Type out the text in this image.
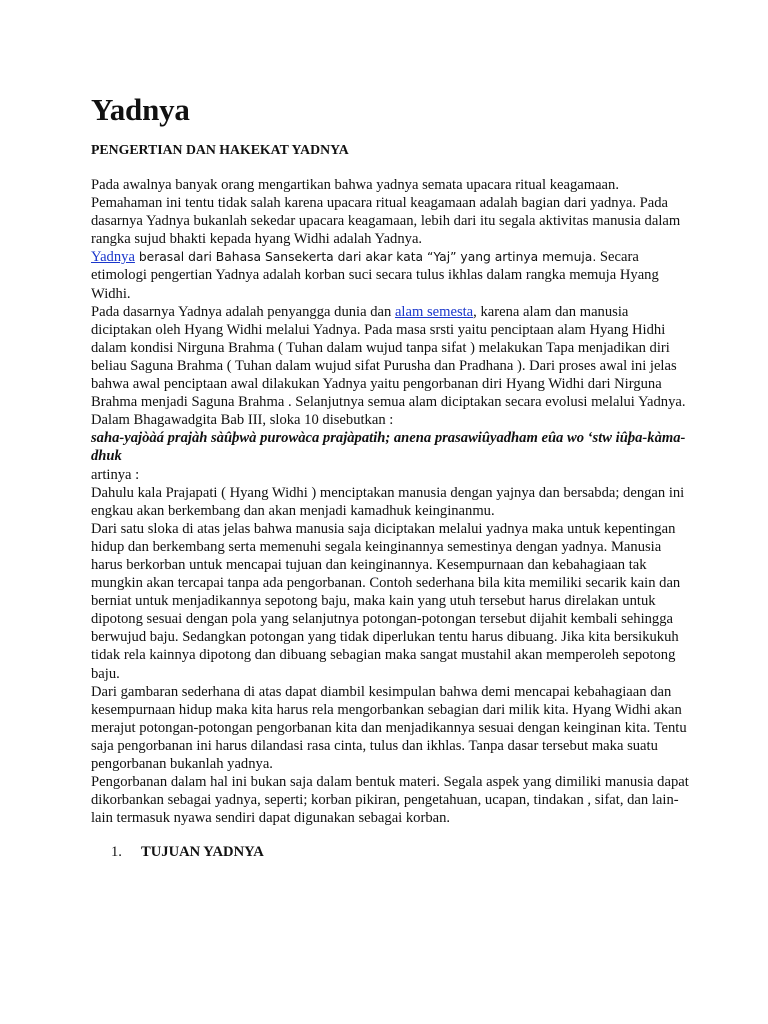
Yadnya
PENGERTIAN DAN HAKEKAT YADNYA

Pada awalnya banyak orang mengartikan bahwa yadnya semata upacara ritual keagamaan. Pemahaman ini tentu tidak salah karena upacara ritual keagamaan adalah bagian dari yadnya. Pada dasarnya Yadnya bukanlah sekedar upacara keagamaan, lebih dari itu segala aktivitas manusia dalam rangka sujud bhakti kepada hyang Widhi adalah Yadnya.

Yadnya berasal dari Bahasa Sansekerta dari akar kata “Yaj” yang artinya memuja. Secara etimologi pengertian Yadnya adalah korban suci secara tulus ikhlas dalam rangka memuja Hyang Widhi.

Pada dasarnya Yadnya adalah penyangga dunia dan alam semesta, karena alam dan manusia diciptakan oleh Hyang Widhi melalui Yadnya. Pada masa srsti yaitu penciptaan alam Hyang Hidhi dalam kondisi Nirguna Brahma ( Tuhan dalam wujud tanpa sifat ) melakukan Tapa menjadikan diri beliau Saguna Brahma ( Tuhan dalam wujud sifat Purusha dan Pradhana ). Dari proses awal ini jelas bahwa awal penciptaan awal dilakukan Yadnya yaitu pengorbanan diri Hyang Widhi dari Nirguna Brahma menjadi Saguna Brahma . Selanjutnya semua alam diciptakan secara evolusi melalui Yadnya.

Dalam Bhagawadgita Bab III, sloka 10 disebutkan :

saha-yajòàá prajàh sàûþwà purowàca prajàpatih; anena prasawiûyadham eûa wo ‘stw iûþa-kàma-dhuk

artinya :

Dahulu kala Prajapati ( Hyang Widhi ) menciptakan manusia dengan yajnya dan bersabda; dengan ini engkau akan berkembang dan akan menjadi kamadhuk keinginanmu.

Dari satu sloka di atas jelas bahwa manusia saja diciptakan melalui yadnya maka untuk kepentingan hidup dan berkembang serta memenuhi segala keinginannya semestinya dengan yadnya. Manusia harus berkorban untuk mencapai tujuan dan keinginannya. Kesempurnaan dan kebahagiaan tak mungkin akan tercapai tanpa ada pengorbanan. Contoh sederhana bila kita memiliki secarik kain dan berniat untuk menjadikannya sepotong baju, maka kain yang utuh tersebut harus direlakan untuk dipotong sesuai dengan pola yang selanjutnya potongan-potongan tersebut dijahit kembali sehingga berwujud baju. Sedangkan potongan yang tidak diperlukan tentu harus dibuang. Jika kita bersikukuh tidak rela kainnya dipotong dan dibuang sebagian maka sangat mustahil akan memperoleh sepotong baju.

Dari gambaran sederhana di atas dapat diambil kesimpulan bahwa demi mencapai kebahagiaan dan kesempurnaan hidup maka kita harus rela mengorbankan sebagian dari milik kita. Hyang Widhi akan merajut potongan-potongan pengorbanan kita dan menjadikannya sesuai dengan keinginan kita. Tentu saja pengorbanan ini harus dilandasi rasa cinta, tulus dan ikhlas. Tanpa dasar tersebut maka suatu pengorbanan bukanlah yadnya.

Pengorbanan dalam hal ini bukan saja dalam bentuk materi. Segala aspek yang dimiliki manusia dapat dikorbankan sebagai yadnya, seperti; korban pikiran, pengetahuan, ucapan, tindakan , sifat, dan lain-lain termasuk nyawa sendiri dapat digunakan sebagai korban.

1.	TUJUAN YADNYA
